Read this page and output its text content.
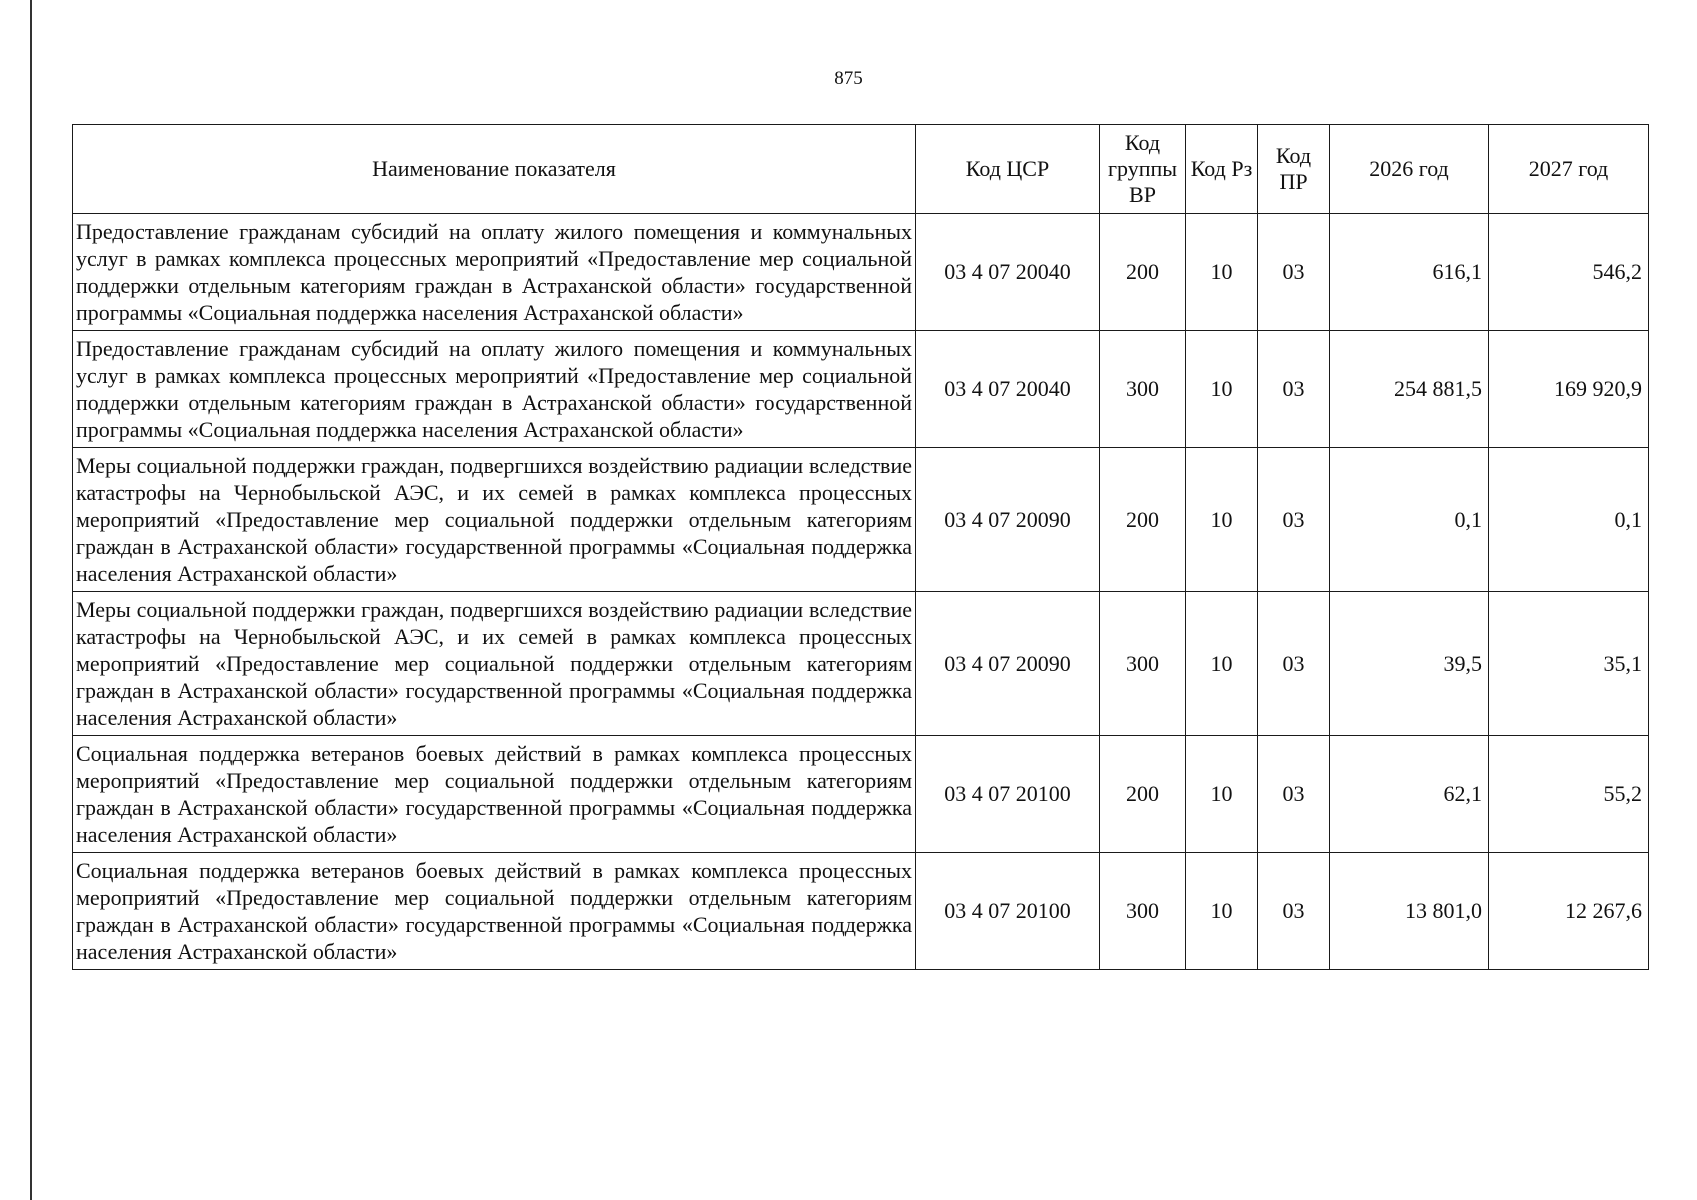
875
Наименование показателя	Код ЦСР	Код группы ВР	Код Рз	Код ПР	2026 год	2027 год
Предоставление гражданам субсидий на оплату жилого помещения и коммунальных услуг в рамках комплекса процессных мероприятий «Предоставление мер социальной поддержки отдельным категориям граждан в Астраханской области» государственной программы «Социальная поддержка населения Астраханской области»	03 4 07 20040	200	10	03	616,1	546,2
Предоставление гражданам субсидий на оплату жилого помещения и коммунальных услуг в рамках комплекса процессных мероприятий «Предоставление мер социальной поддержки отдельным категориям граждан в Астраханской области» государственной программы «Социальная поддержка населения Астраханской области»	03 4 07 20040	300	10	03	254 881,5	169 920,9
Меры социальной поддержки граждан, подвергшихся воздействию радиации вследствие катастрофы на Чернобыльской АЭС, и их семей в рамках комплекса процессных мероприятий «Предоставление мер социальной поддержки отдельным категориям граждан в Астраханской области» государственной программы «Социальная поддержка населения Астраханской области»	03 4 07 20090	200	10	03	0,1	0,1
Меры социальной поддержки граждан, подвергшихся воздействию радиации вследствие катастрофы на Чернобыльской АЭС, и их семей в рамках комплекса процессных мероприятий «Предоставление мер социальной поддержки отдельным категориям граждан в Астраханской области» государственной программы «Социальная поддержка населения Астраханской области»	03 4 07 20090	300	10	03	39,5	35,1
Социальная поддержка ветеранов боевых действий в рамках комплекса процессных мероприятий «Предоставление мер социальной поддержки отдельным категориям граждан в Астраханской области» государственной программы «Социальная поддержка населения Астраханской области»	03 4 07 20100	200	10	03	62,1	55,2
Социальная поддержка ветеранов боевых действий в рамках комплекса процессных мероприятий «Предоставление мер социальной поддержки отдельным категориям граждан в Астраханской области» государственной программы «Социальная поддержка населения Астраханской области»	03 4 07 20100	300	10	03	13 801,0	12 267,6
